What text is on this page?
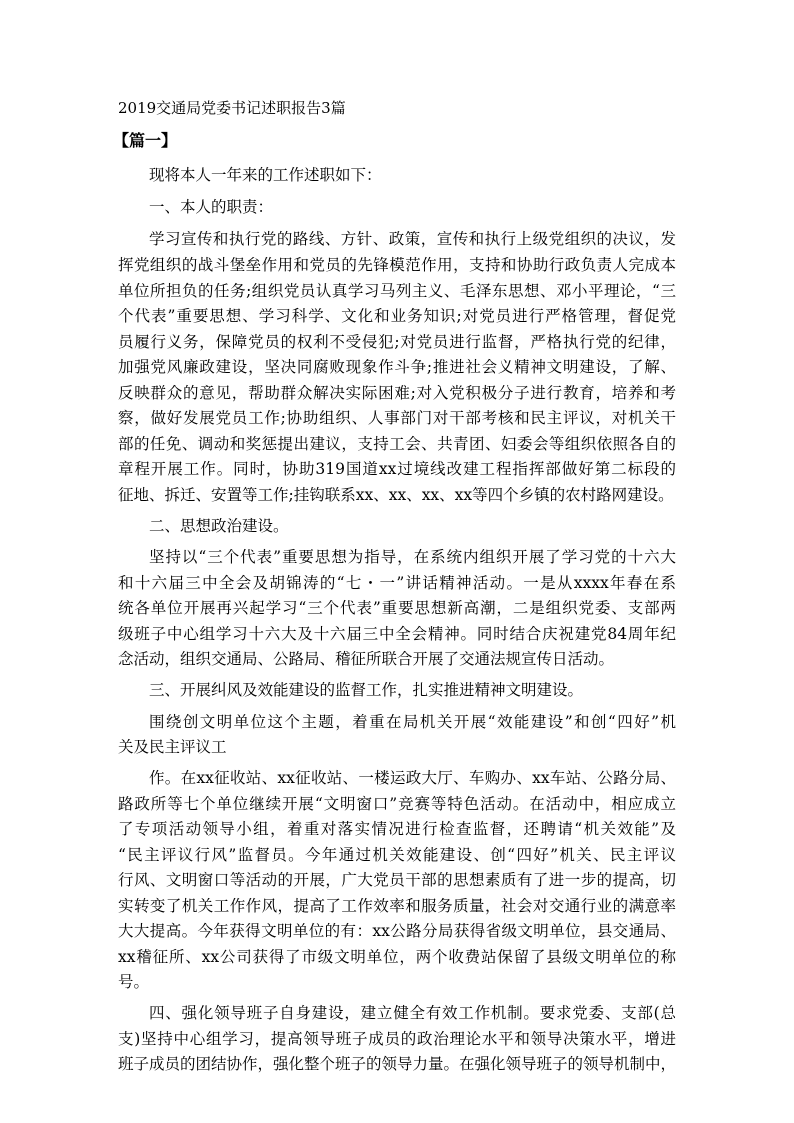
2019交通局党委书记述职报告3篇
【篇一】
现将本人一年来的工作述职如下：
一、本人的职责：
学习宣传和执行党的路线、方针、政策，宣传和执行上级党组织的决议，发
挥党组织的战斗堡垒作用和党员的先锋模范作用，支持和协助行政负责人完成本
单位所担负的任务;组织党员认真学习马列主义、毛泽东思想、邓小平理论，“三
个代表”重要思想、学习科学、文化和业务知识;对党员进行严格管理，督促党
员履行义务，保障党员的权利不受侵犯;对党员进行监督，严格执行党的纪律，
加强党风廉政建设，坚决同腐败现象作斗争;推进社会义精神文明建设，了解、
反映群众的意见，帮助群众解决实际困难;对入党积极分子进行教育，培养和考
察，做好发展党员工作;协助组织、人事部门对干部考核和民主评议，对机关干
部的任免、调动和奖惩提出建议，支持工会、共青团、妇委会等组织依照各自的
章程开展工作。同时，协助319国道xx过境线改建工程指挥部做好第二标段的
征地、拆迁、安置等工作;挂钩联系xx、xx、xx、xx等四个乡镇的农村路网建设。
二、思想政治建设。
坚持以“三个代表”重要思想为指导，在系统内组织开展了学习党的十六大
和十六届三中全会及胡锦涛的“七・一”讲话精神活动。一是从xxxx年春在系
统各单位开展再兴起学习“三个代表”重要思想新高潮，二是组织党委、支部两
级班子中心组学习十六大及十六届三中全会精神。同时结合庆祝建党84周年纪
念活动，组织交通局、公路局、稽征所联合开展了交通法规宣传日活动。
三、开展纠风及效能建设的监督工作，扎实推进精神文明建设。
围绕创文明单位这个主题，着重在局机关开展“效能建设”和创“四好”机
关及民主评议工
作。在xx征收站、xx征收站、一楼运政大厅、车购办、xx车站、公路分局、
路政所等七个单位继续开展“文明窗口”竞赛等特色活动。在活动中，相应成立
了专项活动领导小组，着重对落实情况进行检查监督，还聘请“机关效能”及
“民主评议行风”监督员。今年通过机关效能建设、创“四好”机关、民主评议
行风、文明窗口等活动的开展，广大党员干部的思想素质有了进一步的提高，切
实转变了机关工作作风，提高了工作效率和服务质量，社会对交通行业的满意率
大大提高。今年获得文明单位的有：xx公路分局获得省级文明单位，县交通局、
xx稽征所、xx公司获得了市级文明单位，两个收费站保留了县级文明单位的称
号。
四、强化领导班子自身建设，建立健全有效工作机制。要求党委、支部(总
支)坚持中心组学习，提高领导班子成员的政治理论水平和领导决策水平，增进
班子成员的团结协作，强化整个班子的领导力量。在强化领导班子的领导机制中，
